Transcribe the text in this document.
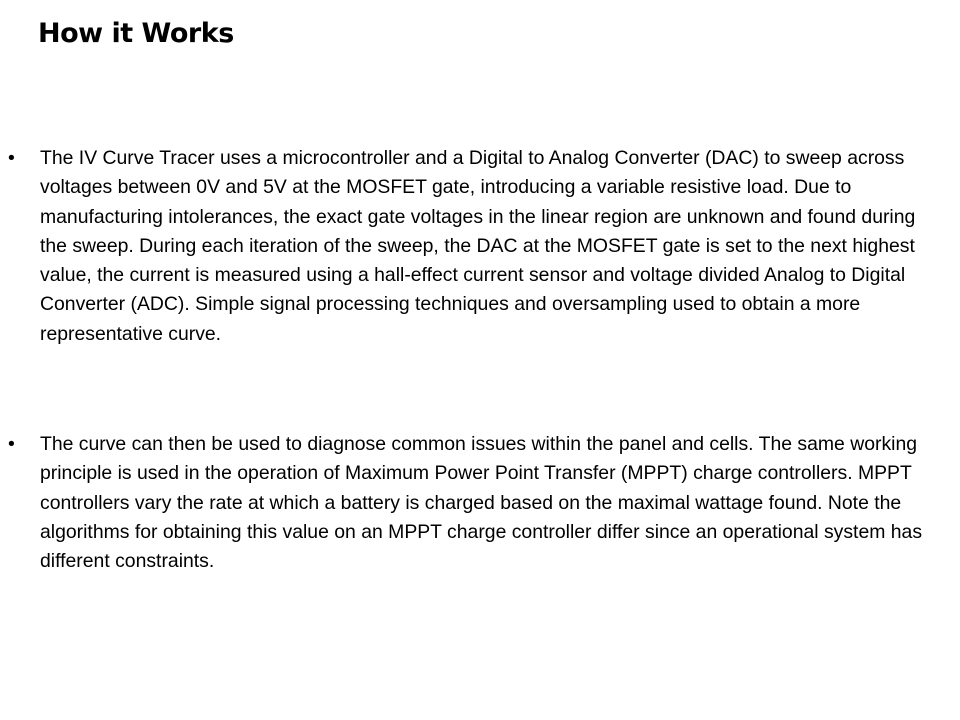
How it Works
•	The IV Curve Tracer uses a microcontroller and a Digital to Analog Converter (DAC) to sweep across voltages between 0V and 5V at the MOSFET gate, introducing a variable resistive load. Due to manufacturing intolerances, the exact gate voltages in the linear region are unknown and found during the sweep. During each iteration of the sweep, the DAC at the MOSFET gate is set to the next highest value, the current is measured using a hall-effect current sensor and voltage divided Analog to Digital Converter (ADC). Simple signal processing techniques and oversampling used to obtain a more representative curve.
•	The curve can then be used to diagnose common issues within the panel and cells. The same working principle is used in the operation of Maximum Power Point Transfer (MPPT) charge controllers. MPPT controllers vary the rate at which a battery is charged based on the maximal wattage found. Note the algorithms for obtaining this value on an MPPT charge controller differ since an operational system has different constraints.
